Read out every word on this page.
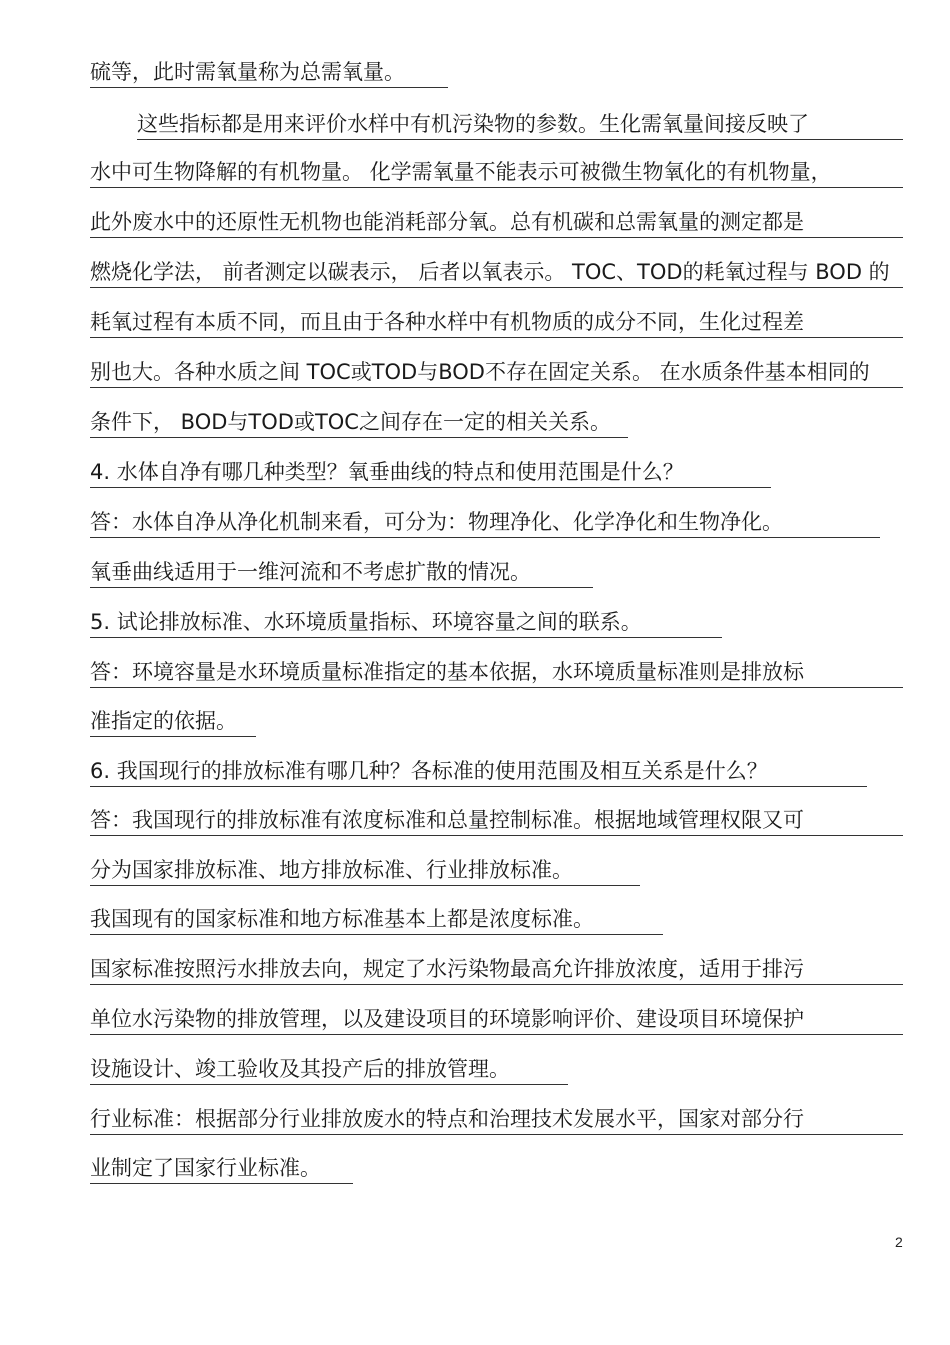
硫等，此时需氧量称为总需氧量。
这些指标都是用来评价水样中有机污染物的参数。生化需氧量间接反映了
水中可生物降解的有机物量。 化学需氧量不能表示可被微生物氧化的有机物量，
此外废水中的还原性无机物也能消耗部分氧。总有机碳和总需氧量的测定都是
燃烧化学法， 前者测定以碳表示， 后者以氧表示。 TOC、TOD的耗氧过程与 BOD 的
耗氧过程有本质不同，而且由于各种水样中有机物质的成分不同，生化过程差
别也大。各种水质之间 TOC或TOD与BOD不存在固定关系。 在水质条件基本相同的
条件下， BOD与TOD或TOC之间存在一定的相关关系。
4. 水体自净有哪几种类型？氧垂曲线的特点和使用范围是什么？
答：水体自净从净化机制来看，可分为：物理净化、化学净化和生物净化。
氧垂曲线适用于一维河流和不考虑扩散的情况。
5. 试论排放标准、水环境质量指标、环境容量之间的联系。
答：环境容量是水环境质量标准指定的基本依据，水环境质量标准则是排放标
准指定的依据。
6. 我国现行的排放标准有哪几种？各标准的使用范围及相互关系是什么？
答：我国现行的排放标准有浓度标准和总量控制标准。根据地域管理权限又可
分为国家排放标准、地方排放标准、行业排放标准。
我国现有的国家标准和地方标准基本上都是浓度标准。
国家标准按照污水排放去向，规定了水污染物最高允许排放浓度，适用于排污
单位水污染物的排放管理，以及建设项目的环境影响评价、建设项目环境保护
设施设计、竣工验收及其投产后的排放管理。
行业标准：根据部分行业排放废水的特点和治理技术发展水平，国家对部分行
业制定了国家行业标准。
2
